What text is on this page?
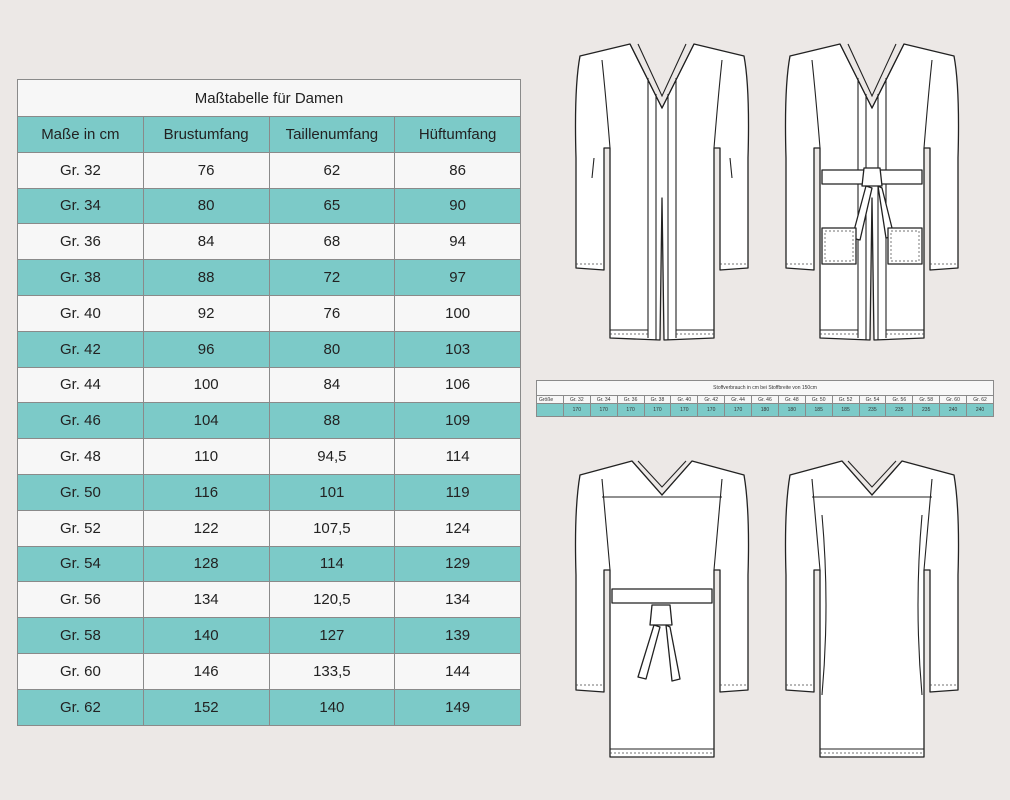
Maßtabelle für Damen			
Maße in cm	Brustumfang	Taillenumfang	Hüftumfang
Gr. 32	76	62	86
Gr. 34	80	65	90
Gr. 36	84	68	94
Gr. 38	88	72	97
Gr. 40	92	76	100
Gr. 42	96	80	103
Gr. 44	100	84	106
Gr. 46	104	88	109
Gr. 48	110	94,5	114
Gr. 50	116	101	119
Gr. 52	122	107,5	124
Gr. 54	128	114	129
Gr. 56	134	120,5	134
Gr. 58	140	127	139
Gr. 60	146	133,5	144
Gr. 62	152	140	149
Stoffverbrauch in cm bei Stoffbreite von 150cm																
Größe	Gr. 32	Gr. 34	Gr. 36	Gr. 38	Gr. 40	Gr. 42	Gr. 44	Gr. 46	Gr. 48	Gr. 50	Gr. 52	Gr. 54	Gr. 56	Gr. 58	Gr. 60	Gr. 62
	170	170	170	170	170	170	170	180	180	185	185	235	235	235	240	240
